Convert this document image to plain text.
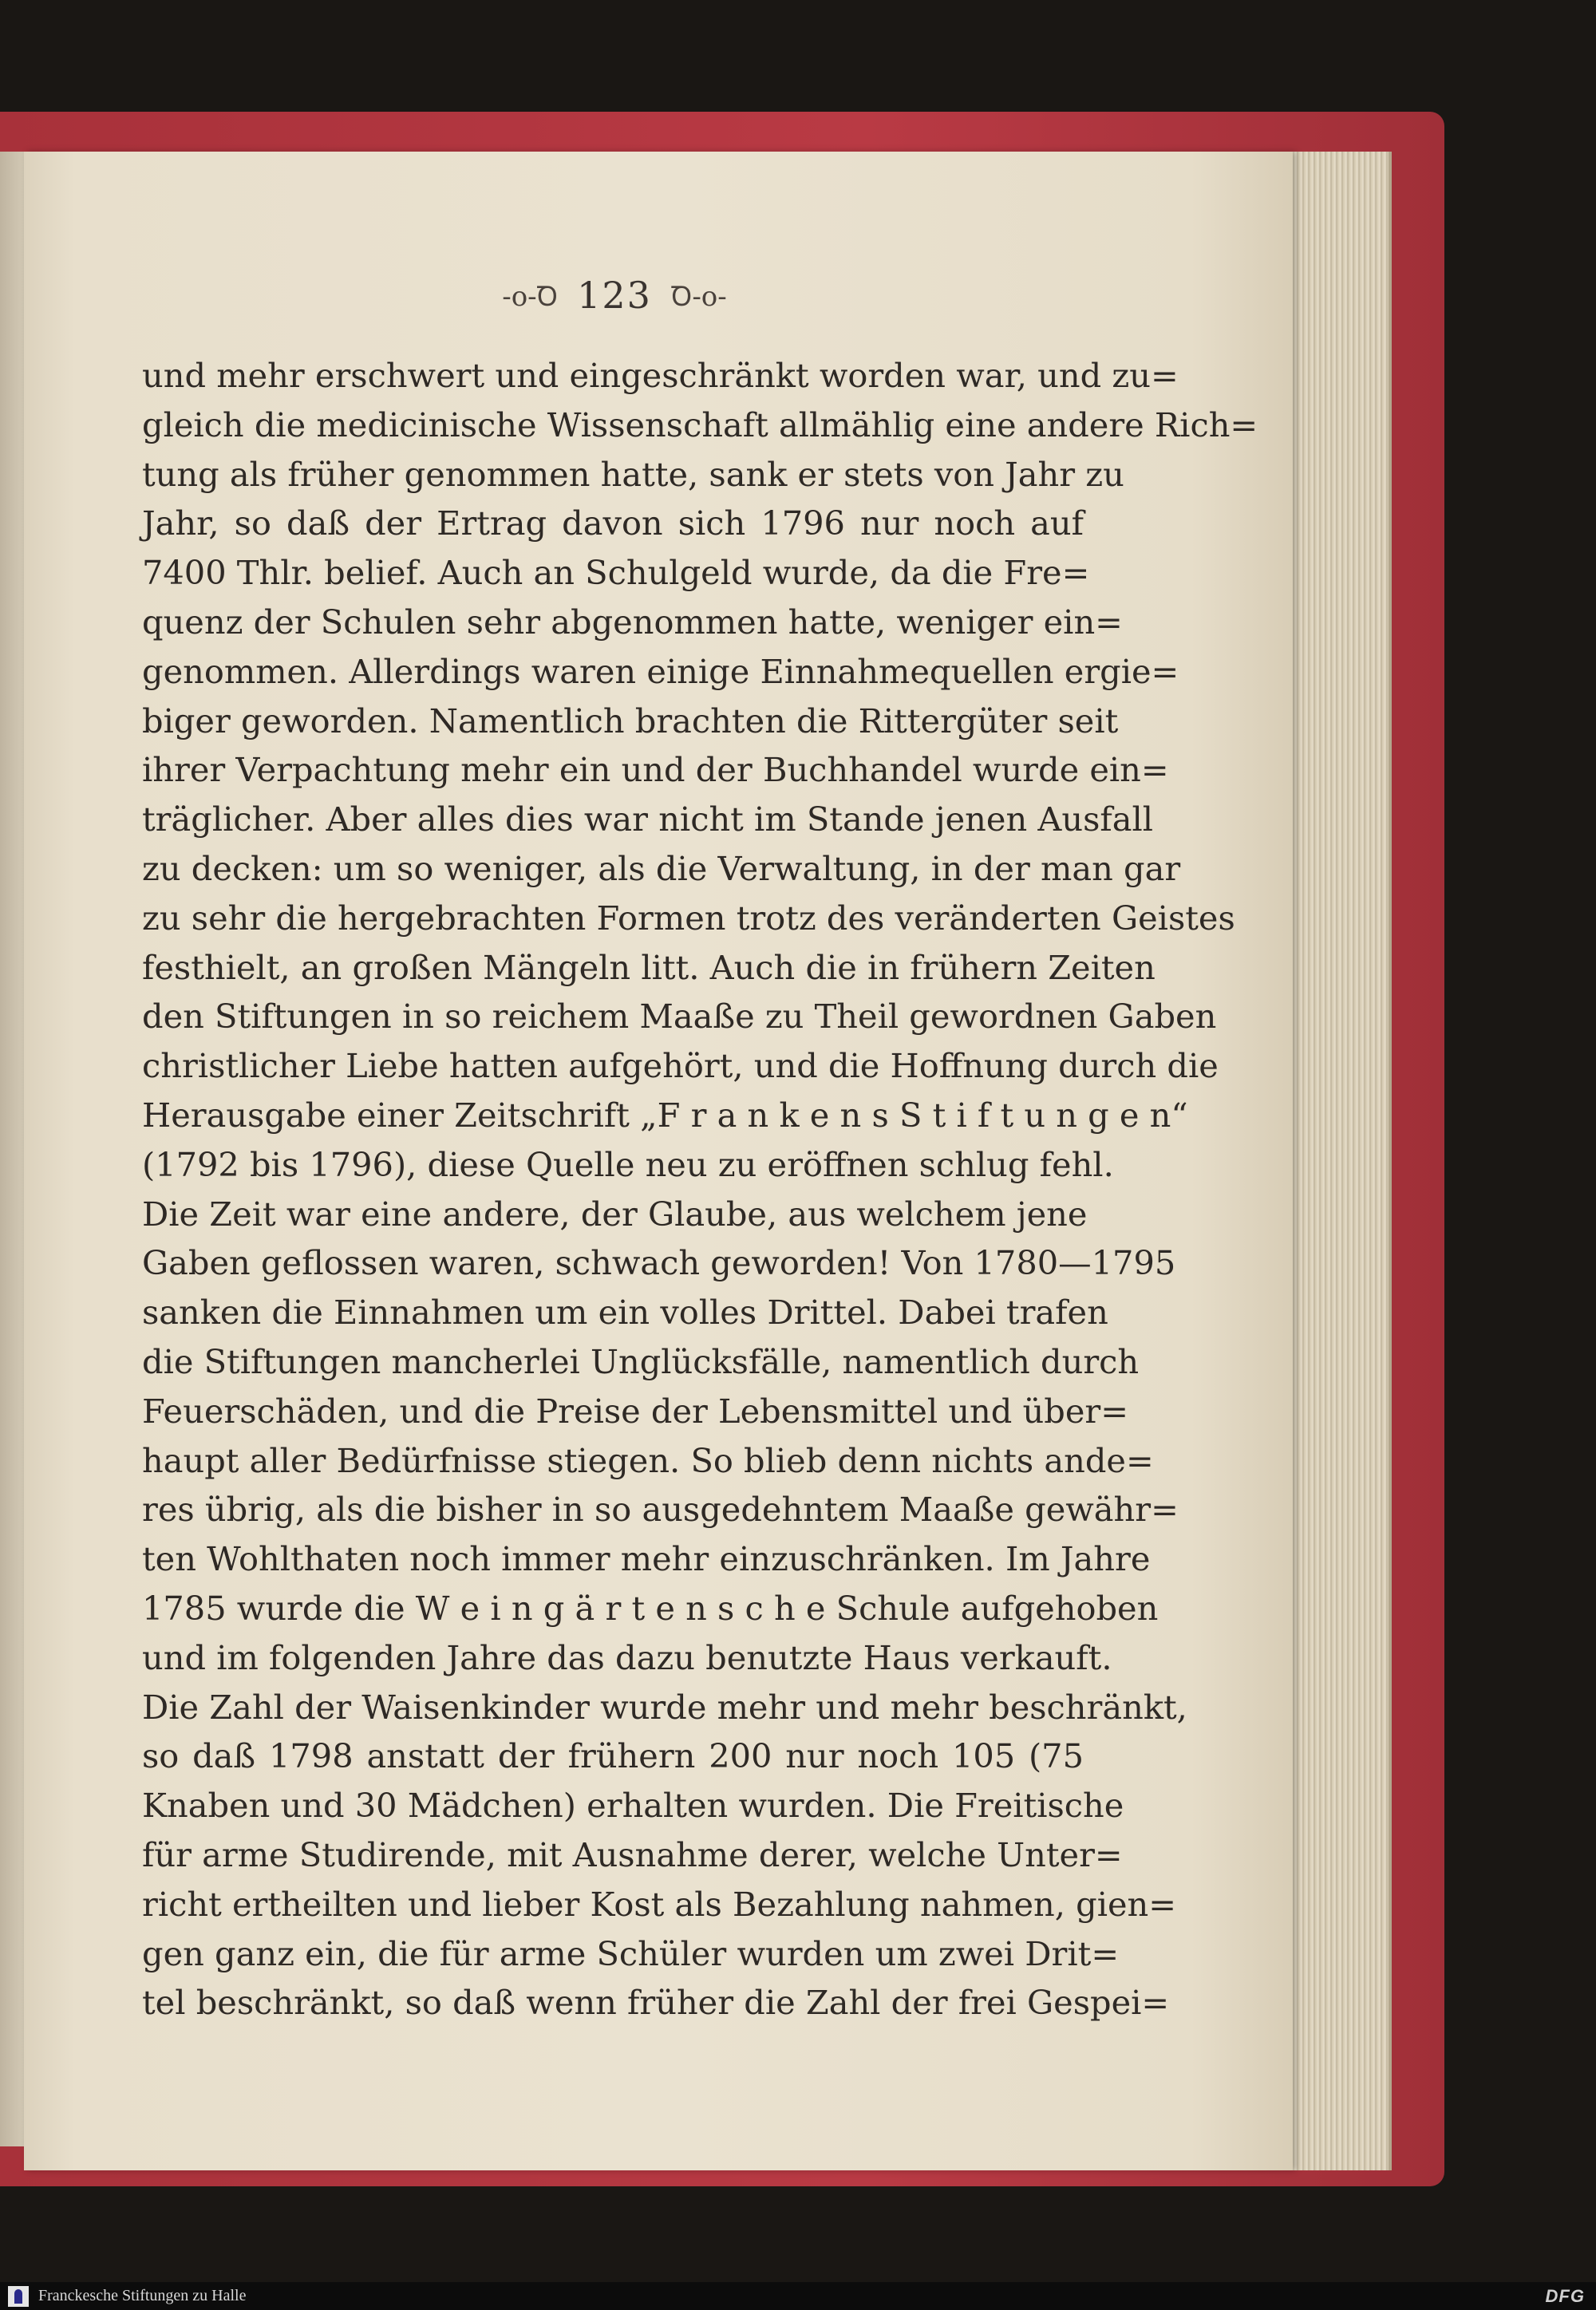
-o-Ꝺ 123 Ꝺ-o-
und mehr erschwert und eingeschränkt worden war, und zu=
gleich die medicinische Wissenschaft allmählig eine andere Rich=
tung als früher genommen hatte, sank er stets von Jahr zu
Jahr, so daß der Ertrag davon sich 1796 nur noch auf
7400 Thlr. belief. Auch an Schulgeld wurde, da die Fre=
quenz der Schulen sehr abgenommen hatte, weniger ein=
genommen. Allerdings waren einige Einnahmequellen ergie=
biger geworden. Namentlich brachten die Rittergüter seit
ihrer Verpachtung mehr ein und der Buchhandel wurde ein=
träglicher. Aber alles dies war nicht im Stande jenen Ausfall
zu decken: um so weniger, als die Verwaltung, in der man gar
zu sehr die hergebrachten Formen trotz des veränderten Geistes
festhielt, an großen Mängeln litt. Auch die in frühern Zeiten
den Stiftungen in so reichem Maaße zu Theil gewordnen Gaben
christlicher Liebe hatten aufgehört, und die Hoffnung durch die
Herausgabe einer Zeitschrift „F r a n k e n s S t i f t u n g e n“
(1792 bis 1796), diese Quelle neu zu eröffnen schlug fehl.
Die Zeit war eine andere, der Glaube, aus welchem jene
Gaben geflossen waren, schwach geworden! Von 1780—1795
sanken die Einnahmen um ein volles Drittel. Dabei trafen
die Stiftungen mancherlei Unglücksfälle, namentlich durch
Feuerschäden, und die Preise der Lebensmittel und über=
haupt aller Bedürfnisse stiegen. So blieb denn nichts ande=
res übrig, als die bisher in so ausgedehntem Maaße gewähr=
ten Wohlthaten noch immer mehr einzuschränken. Im Jahre
1785 wurde die W e i n g ä r t e n s c h e Schule aufgehoben
und im folgenden Jahre das dazu benutzte Haus verkauft.
Die Zahl der Waisenkinder wurde mehr und mehr beschränkt,
so daß 1798 anstatt der frühern 200 nur noch 105 (75
Knaben und 30 Mädchen) erhalten wurden. Die Freitische
für arme Studirende, mit Ausnahme derer, welche Unter=
richt ertheilten und lieber Kost als Bezahlung nahmen, gien=
gen ganz ein, die für arme Schüler wurden um zwei Drit=
tel beschränkt, so daß wenn früher die Zahl der frei Gespei=
Franckesche Stiftungen zu Halle	DFG
